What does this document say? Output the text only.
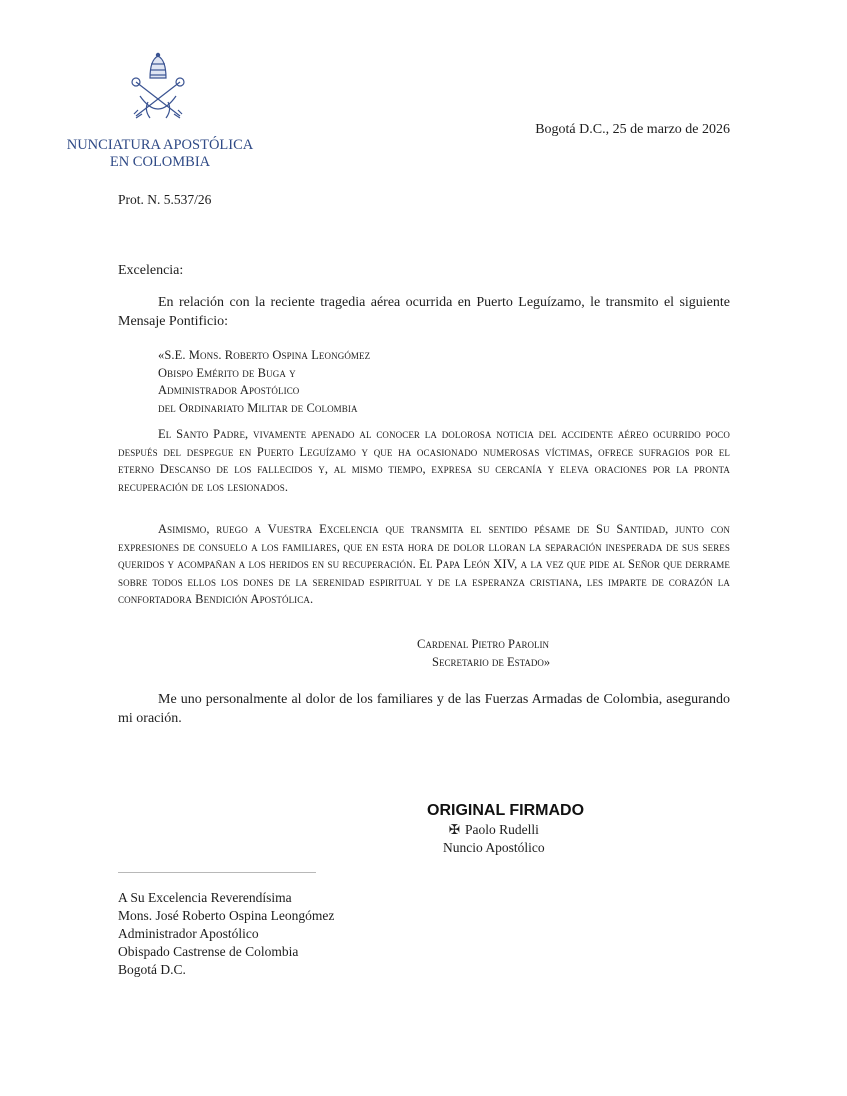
NUNCIATURA APOSTÓLICA
EN COLOMBIA
Bogotá D.C., 25 de marzo de 2026
Prot. N. 5.537/26
Excelencia:
En relación con la reciente tragedia aérea ocurrida en Puerto Leguízamo, le transmito el siguiente Mensaje Pontificio:
«S.E. Mons. Roberto Ospina Leongómez
Obispo Emérito de Buga y
Administrador Apostólico
del Ordinariato Militar de Colombia
El Santo Padre, vivamente apenado al conocer la dolorosa noticia del accidente aéreo ocurrido poco después del despegue en Puerto Leguízamo y que ha ocasionado numerosas víctimas, ofrece sufragios por el eterno Descanso de los fallecidos y, al mismo tiempo, expresa su cercanía y eleva oraciones por la pronta recuperación de los lesionados.
Asimismo, ruego a Vuestra Excelencia que transmita el sentido pésame de Su Santidad, junto con expresiones de consuelo a los familiares, que en esta hora de dolor lloran la separación inesperada de sus seres queridos y acompañan a los heridos en su recuperación. El Papa León XIV, a la vez que pide al Señor que derrame sobre todos ellos los dones de la serenidad espiritual y de la esperanza cristiana, les imparte de corazón la confortadora Bendición Apostólica.
Cardenal Pietro Parolin
Secretario de Estado»
Me uno personalmente al dolor de los familiares y de las Fuerzas Armadas de Colombia, asegurando mi oración.
ORIGINAL FIRMADO
✠ Paolo Rudelli
Nuncio Apostólico
A Su Excelencia Reverendísima
Mons. José Roberto Ospina Leongómez
Administrador Apostólico
Obispado Castrense de Colombia
Bogotá D.C.
